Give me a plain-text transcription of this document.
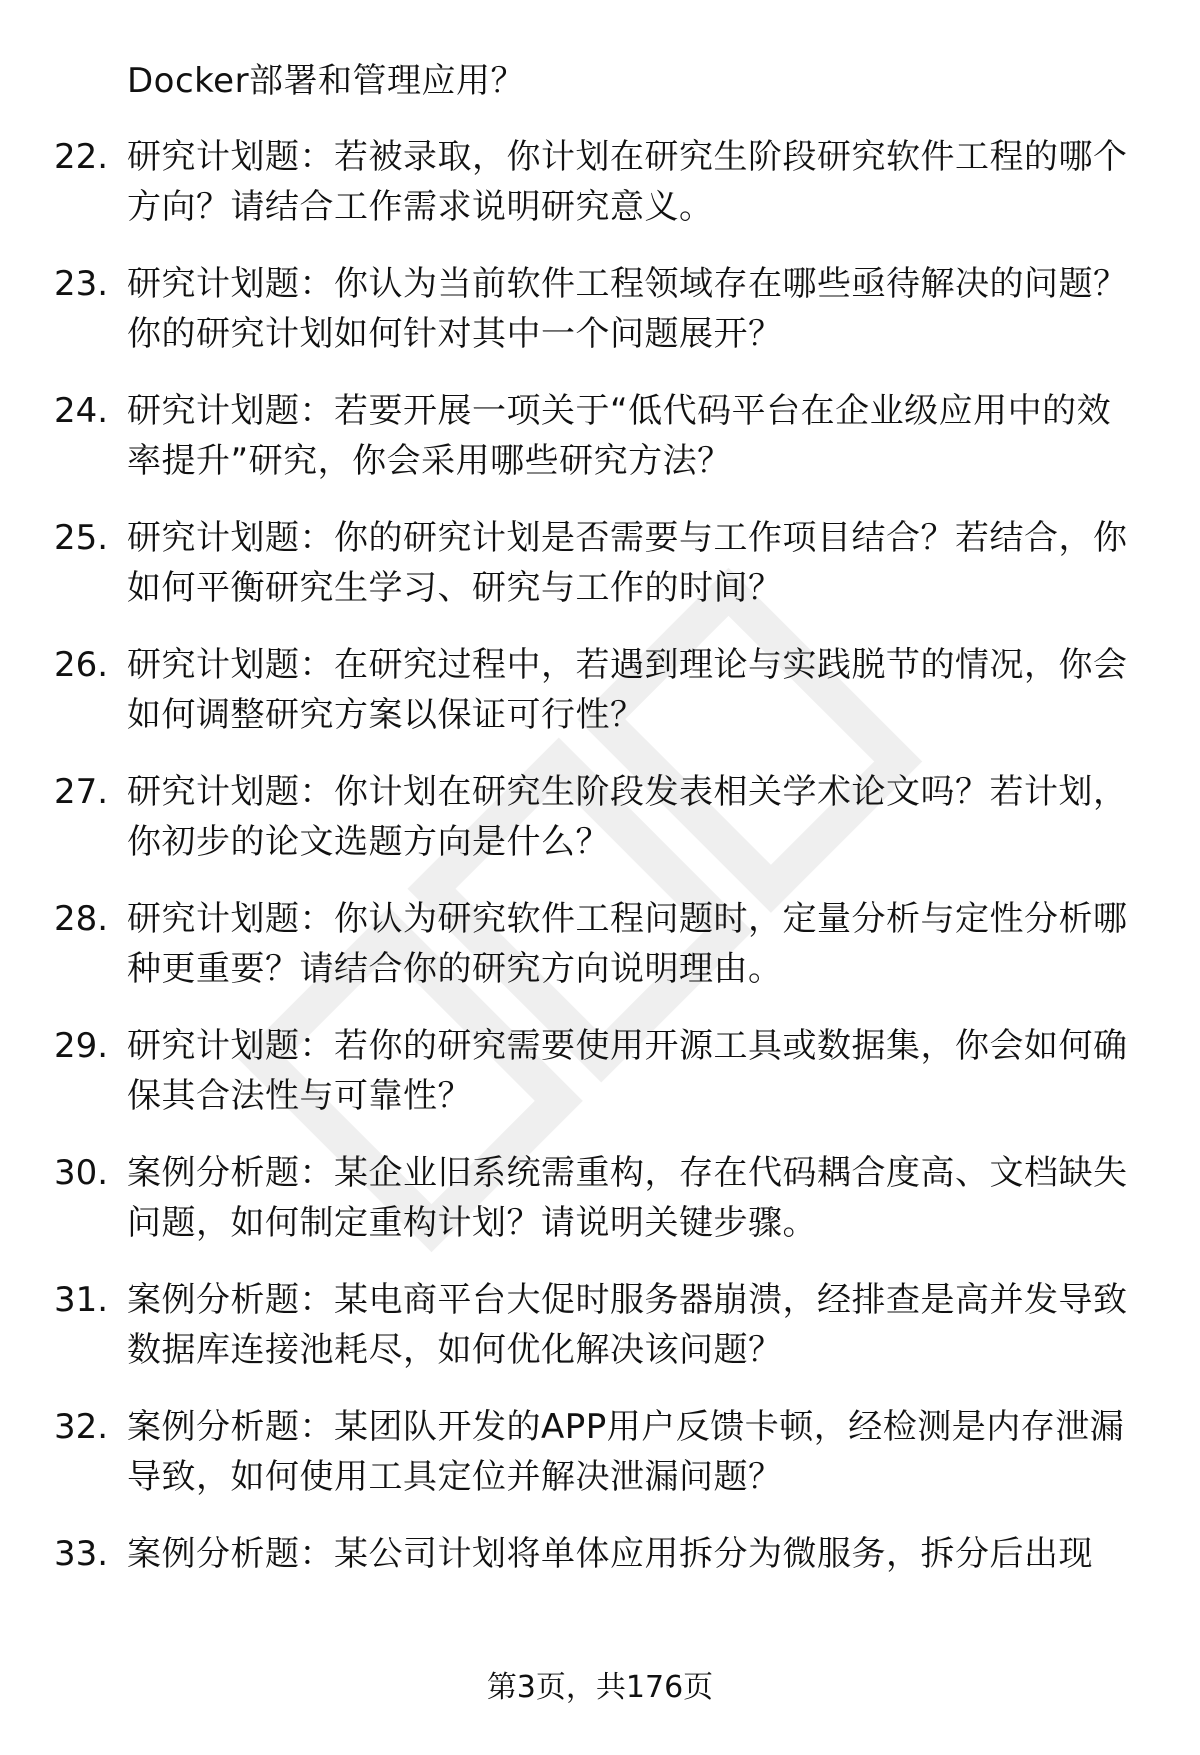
Docker部署和管理应用？
22. 研究计划题：若被录取，你计划在研究生阶段研究软件工程的哪个方向？请结合工作需求说明研究意义。
23. 研究计划题：你认为当前软件工程领域存在哪些亟待解决的问题？你的研究计划如何针对其中一个问题展开？
24. 研究计划题：若要开展一项关于“低代码平台在企业级应用中的效率提升”研究，你会采用哪些研究方法？
25. 研究计划题：你的研究计划是否需要与工作项目结合？若结合，你如何平衡研究生学习、研究与工作的时间？
26. 研究计划题：在研究过程中，若遇到理论与实践脱节的情况，你会如何调整研究方案以保证可行性？
27. 研究计划题：你计划在研究生阶段发表相关学术论文吗？若计划，你初步的论文选题方向是什么？
28. 研究计划题：你认为研究软件工程问题时，定量分析与定性分析哪种更重要？请结合你的研究方向说明理由。
29. 研究计划题：若你的研究需要使用开源工具或数据集，你会如何确保其合法性与可靠性？
30. 案例分析题：某企业旧系统需重构，存在代码耦合度高、文档缺失问题，如何制定重构计划？请说明关键步骤。
31. 案例分析题：某电商平台大促时服务器崩溃，经排查是高并发导致数据库连接池耗尽，如何优化解决该问题？
32. 案例分析题：某团队开发的APP用户反馈卡顿，经检测是内存泄漏导致，如何使用工具定位并解决泄漏问题？
33. 案例分析题：某公司计划将单体应用拆分为微服务，拆分后出现
第3页，共176页
